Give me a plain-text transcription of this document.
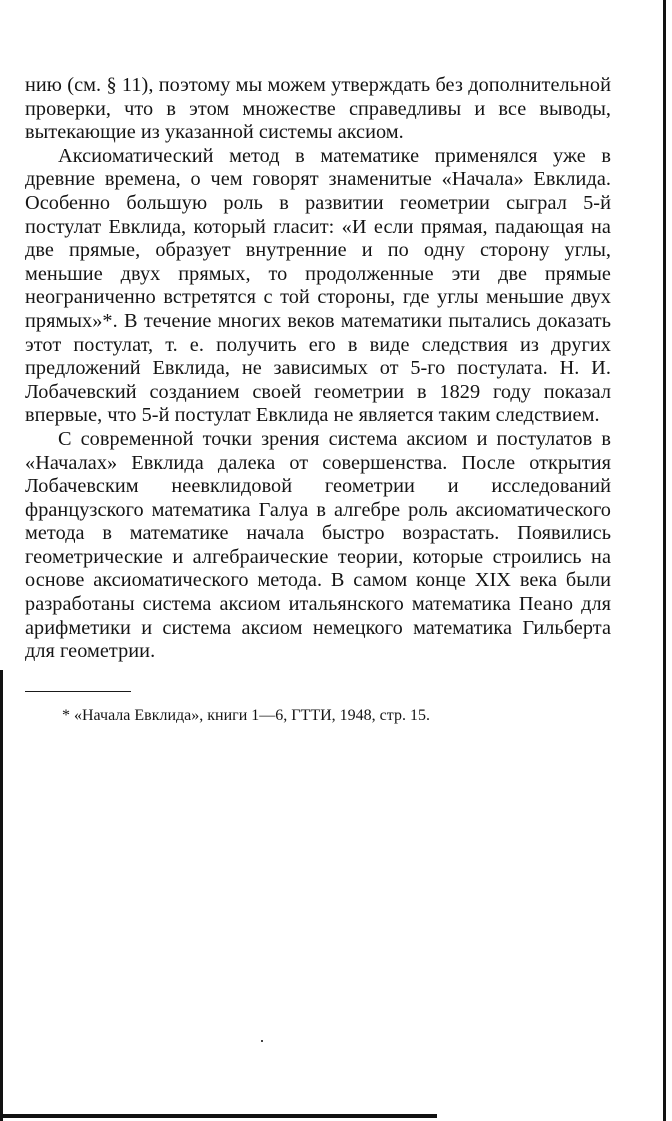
нию (см. § 11), поэтому мы можем утверждать без дополнительной проверки, что в этом множестве справедливы и все выводы, вытекающие из указанной системы аксиом.

Аксиоматический метод в математике применялся уже в древние времена, о чем говорят знаменитые «Начала» Евклида. Особенно большую роль в развитии геометрии сыграл 5-й постулат Евклида, который гласит: «И если прямая, падающая на две прямые, образует внутренние и по одну сторону углы, меньшие двух прямых, то продолженные эти две прямые неограниченно встретятся с той стороны, где углы меньшие двух прямых»*. В течение многих веков математики пытались доказать этот постулат, т. е. получить его в виде следствия из других предложений Евклида, не зависимых от 5-го постулата. Н. И. Лобачевский созданием своей геометрии в 1829 году показал впервые, что 5-й постулат Евклида не является таким следствием.

С современной точки зрения система аксиом и постулатов в «Началах» Евклида далека от совершенства. После открытия Лобачевским неевклидовой геометрии и исследований французского математика Галуа в алгебре роль аксиоматического метода в математике начала быстро возрастать. Появились геометрические и алгебраические теории, которые строились на основе аксиоматического метода. В самом конце XIX века были разработаны система аксиом итальянского математика Пеано для арифметики и система аксиом немецкого математика Гильберта для геометрии.

* «Начала Евклида», книги 1—6, ГТТИ, 1948, стр. 15.
